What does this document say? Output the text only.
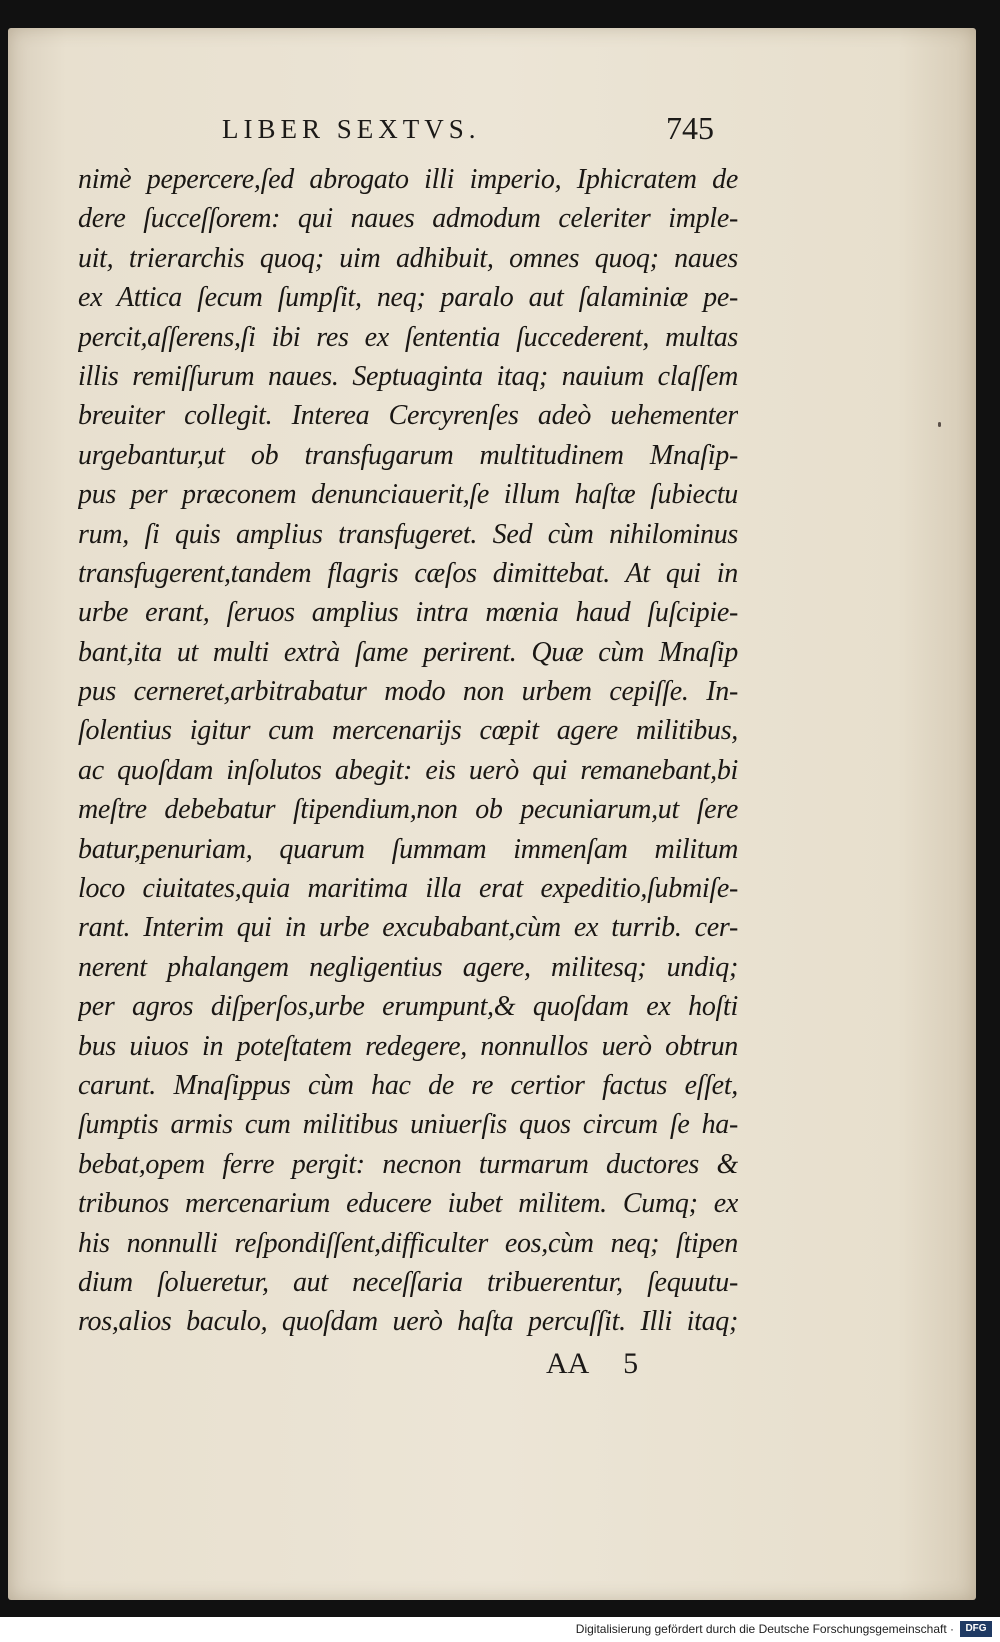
LIBER SEXTVS.	745
nimè pepercere,ſed abrogato illi imperio, Iphicratem de
dere ſucceſſorem: qui naues admodum celeriter imple-
uit, trierarchis quoq; uim adhibuit, omnes quoq; naues
ex Attica ſecum ſumpſit, neq; paralo aut ſalaminiæ pe-
percit,aſſerens,ſi ibi res ex ſententia ſuccederent, multas
illis remiſſurum naues. Septuaginta itaq; nauium claſſem
breuiter collegit. Interea Cercyrenſes adeò uehementer
urgebantur,ut ob transfugarum multitudinem Mnaſip-
pus per præconem denunciauerit,ſe illum haſtæ ſubiectu
rum, ſi quis amplius transfugeret. Sed cùm nihilominus
transfugerent,tandem flagris cæſos dimittebat. At qui in
urbe erant, ſeruos amplius intra mœnia haud ſuſcipie-
bant,ita ut multi extrà ſame perirent. Quæ cùm Mnaſip
pus cerneret,arbitrabatur modo non urbem cepiſſe. In-
ſolentius igitur cum mercenarijs cœpit agere militibus,
ac quoſdam inſolutos abegit: eis uerò qui remanebant,bi
meſtre debebatur ſtipendium,non ob pecuniarum,ut ſere
batur,penuriam, quarum ſummam immenſam militum
loco ciuitates,quia maritima illa erat expeditio,ſubmiſe-
rant. Interim qui in urbe excubabant,cùm ex turrib. cer-
nerent phalangem negligentius agere, militesq; undiq;
per agros diſperſos,urbe erumpunt,& quoſdam ex hoſti
bus uiuos in poteſtatem redegere, nonnullos uerò obtrun
carunt. Mnaſippus cùm hac de re certior factus eſſet,
ſumptis armis cum militibus uniuerſis quos circum ſe ha-
bebat,opem ferre pergit: necnon turmarum ductores &
tribunos mercenarium educere iubet militem. Cumq; ex
his nonnulli reſpondiſſent,difficulter eos,cùm neq; ſtipen
dium ſolueretur, aut neceſſaria tribuerentur, ſequutu-
ros,alios baculo, quoſdam uerò haſta percuſſit. Illi itaq;
AA 5
Digitalisierung gefördert durch die Deutsche Forschungsgemeinschaft ·	DFG
